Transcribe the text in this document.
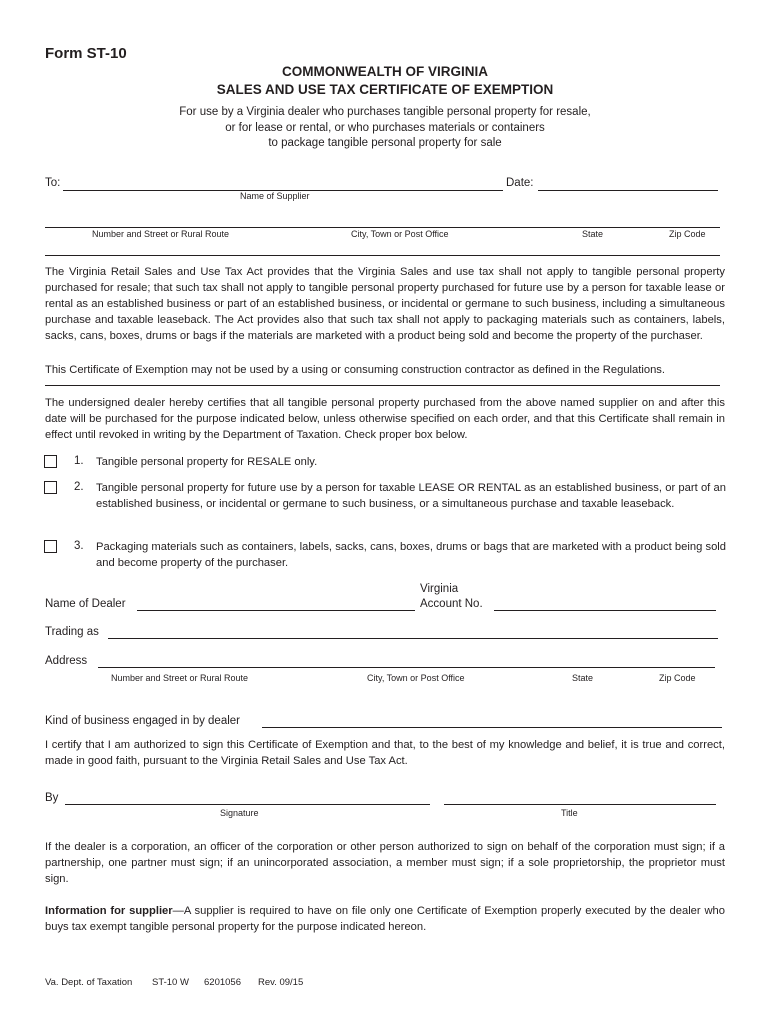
Form ST-10
COMMONWEALTH OF VIRGINIA
SALES AND USE TAX CERTIFICATE OF EXEMPTION
For use by a Virginia dealer who purchases tangible personal property for resale,
or for lease or rental, or who purchases materials or containers
to package tangible personal property for sale
To:
Name of Supplier
Date:
Number and Street or Rural Route	City, Town or Post Office	State	Zip Code
The Virginia Retail Sales and Use Tax Act provides that the Virginia Sales and use tax shall not apply to tangible personal property purchased for resale; that such tax shall not apply to tangible personal property purchased for future use by a person for taxable lease or rental as an established business or part of an established business, or incidental or germane to such business, including a simultaneous purchase and taxable leaseback. The Act provides also that such tax shall not apply to packaging materials such as containers, labels, sacks, cans, boxes, drums or bags if the materials are marketed with a product being sold and become the property of the purchaser.
This Certificate of Exemption may not be used by a using or consuming construction contractor as defined in the Regulations.
The undersigned dealer hereby certifies that all tangible personal property purchased from the above named supplier on and after this date will be purchased for the purpose indicated below, unless otherwise specified on each order, and that this Certificate shall remain in effect until revoked in writing by the Department of Taxation. Check proper box below.
1. Tangible personal property for RESALE only.
2. Tangible personal property for future use by a person for taxable LEASE OR RENTAL as an established business, or part of an established business, or incidental or germane to such business, or a simultaneous purchase and taxable leaseback.
3. Packaging materials such as containers, labels, sacks, cans, boxes, drums or bags that are marketed with a product being sold and become property of the purchaser.
Name of Dealer
Virginia
Account No.
Trading as
Address
Number and Street or Rural Route	City, Town or Post Office	State	Zip Code
Kind of business engaged in by dealer
I certify that I am authorized to sign this Certificate of Exemption and that, to the best of my knowledge and belief, it is true and correct, made in good faith, pursuant to the Virginia Retail Sales and Use Tax Act.
By
Signature	Title
If the dealer is a corporation, an officer of the corporation or other person authorized to sign on behalf of the corporation must sign; if a partnership, one partner must sign; if an unincorporated association, a member must sign; if a sole proprietorship, the proprietor must sign.
Information for supplier—A supplier is required to have on file only one Certificate of Exemption properly executed by the dealer who buys tax exempt tangible personal property for the purpose indicated hereon.
Va. Dept. of Taxation ST-10 W 6201056 Rev. 09/15
